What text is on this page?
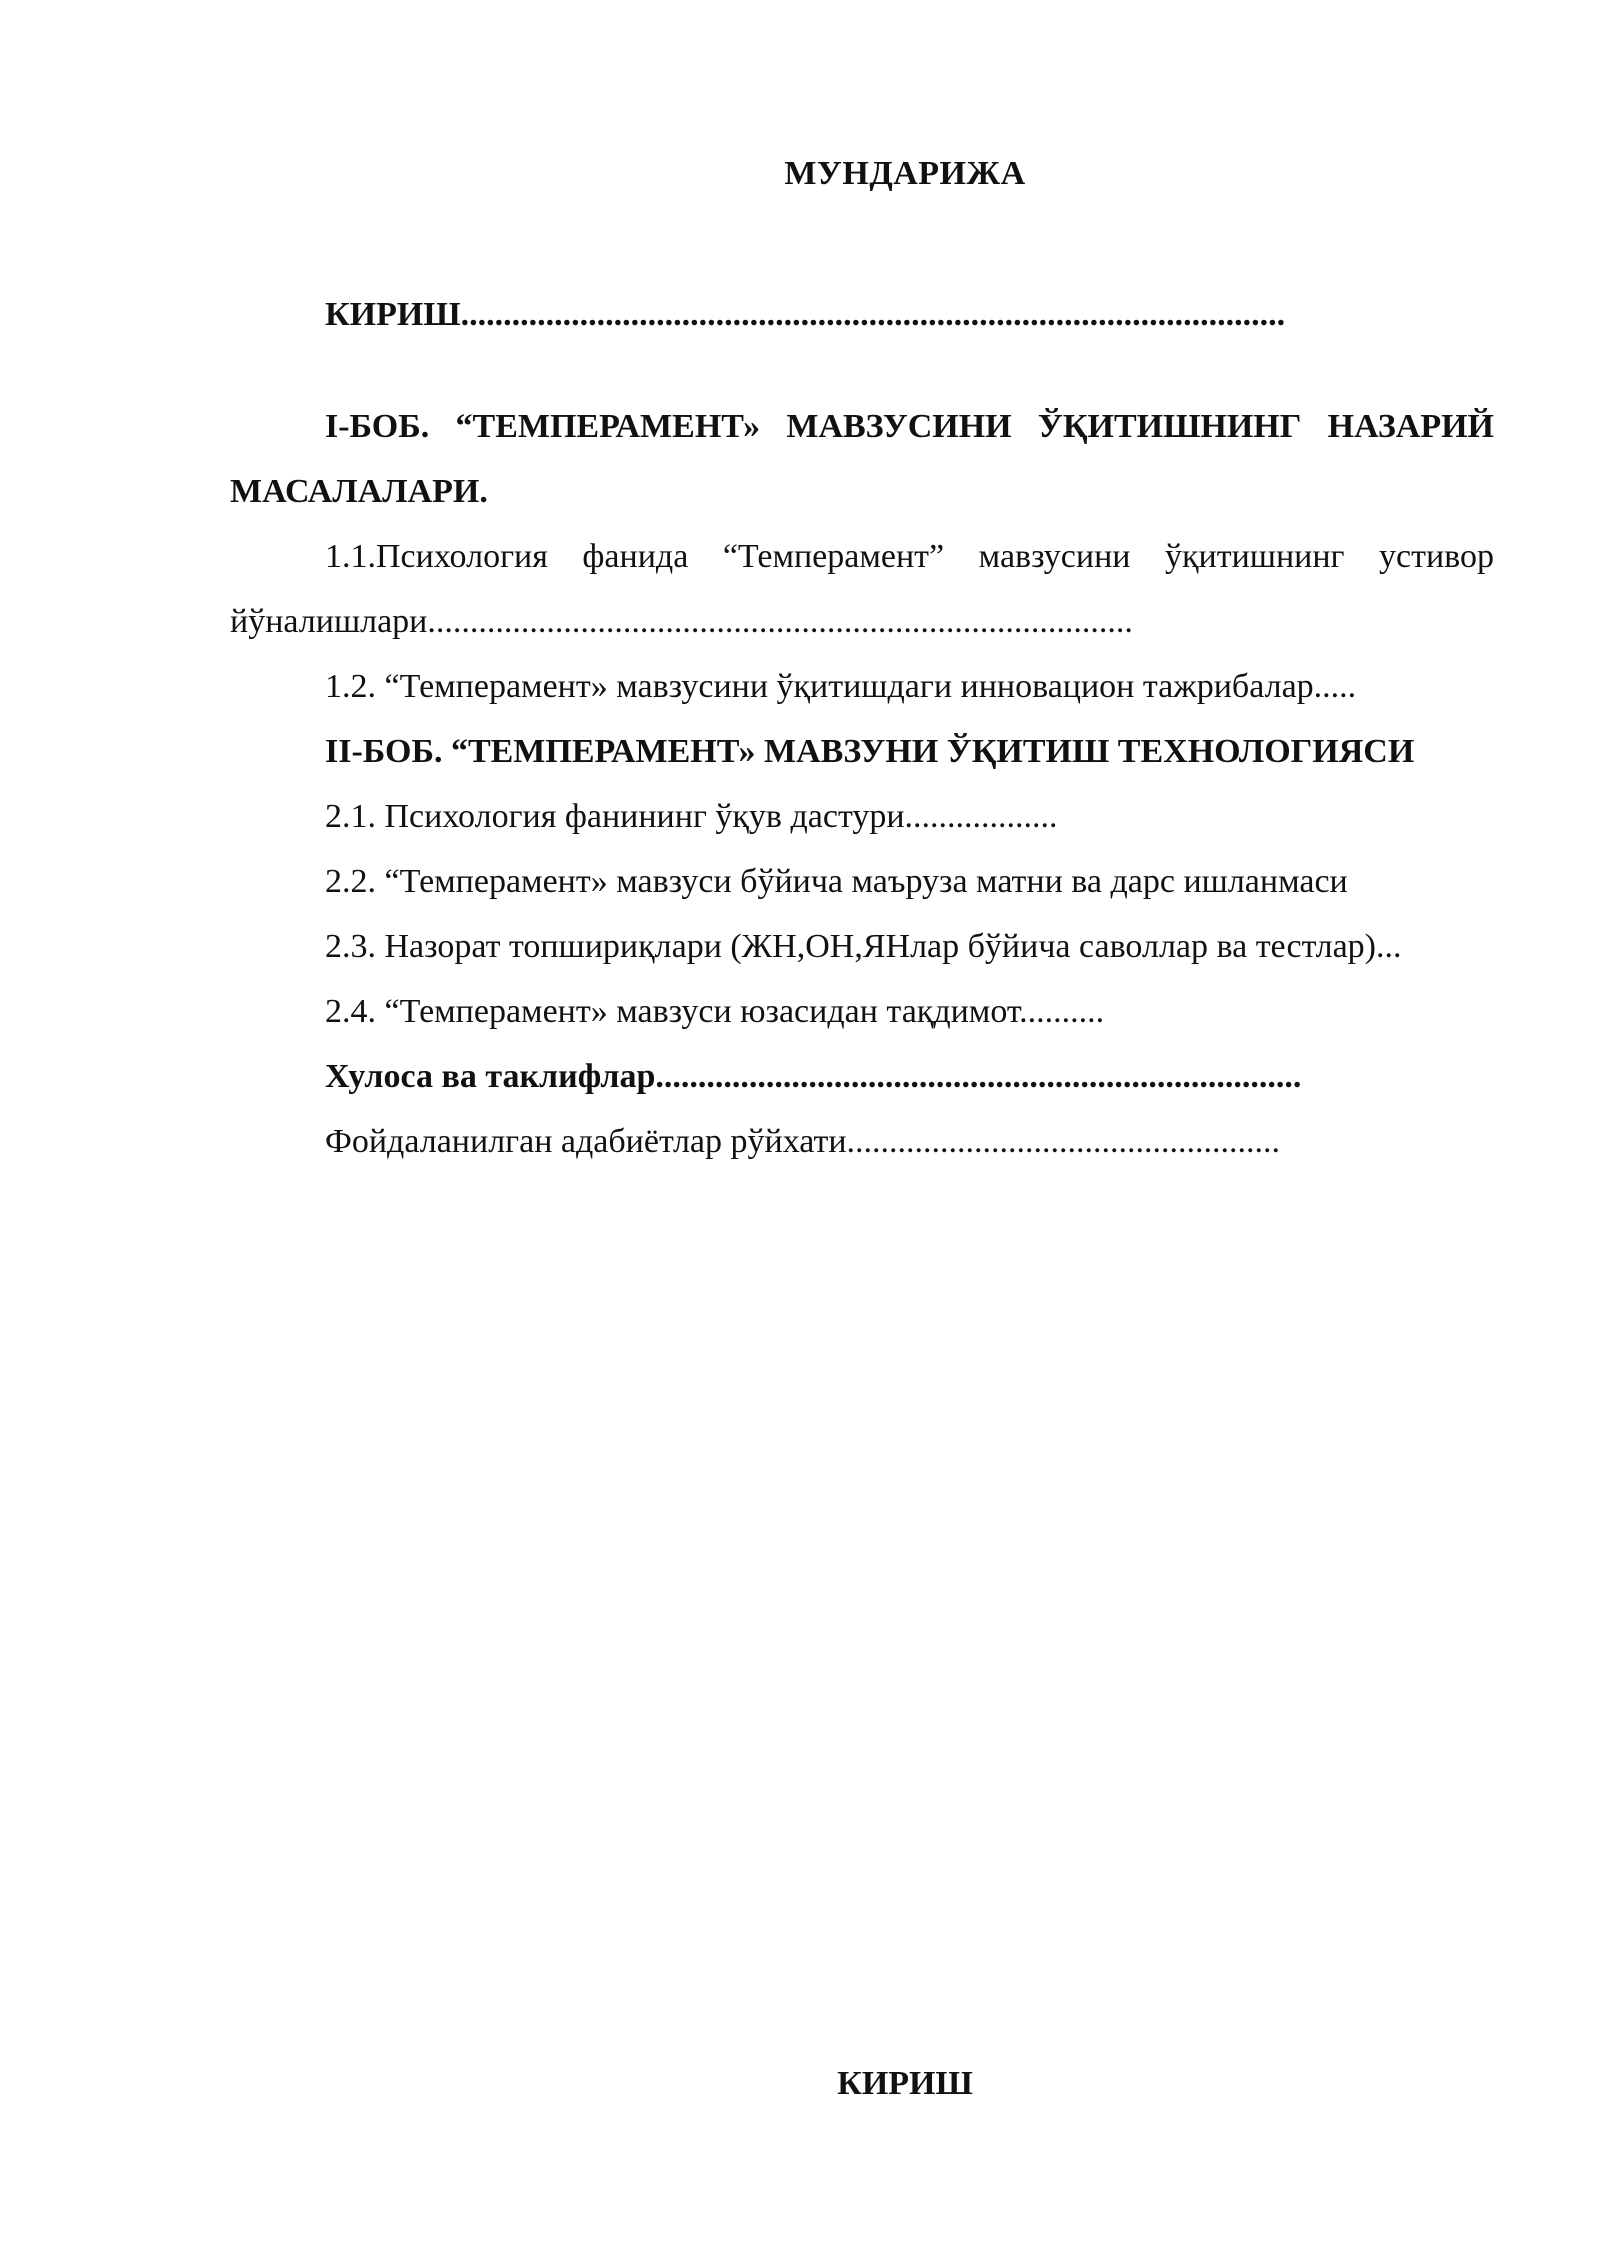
МУНДАРИЖА

КИРИШ.................................................................................................

I-БОБ. “ТЕМПЕРАМЕНТ» МАВЗУСИНИ ЎҚИТИШНИНГ НАЗАРИЙ МАСАЛАЛАРИ.

1.1.Психология фанида “Темперамент” мавзусини ўқитишнинг устивор йўналишлари...................................................................................

1.2. “Темперамент» мавзусини ўқитишдаги инновацион тажрибалар.....

II-БОБ. “ТЕМПЕРАМЕНТ» МАВЗУНИ ЎҚИТИШ ТЕХНОЛОГИЯСИ

2.1. Психология фанининг ўқув дастури..................

2.2. “Темперамент» мавзуси бўйича маъруза матни ва дарс ишланмаси

2.3. Назорат топшириқлари (ЖН,ОН,ЯНлар бўйича саволлар ва тестлар)...

2.4. “Темперамент» мавзуси юзасидан тақдимот..........

Хулоса ва таклифлар............................................................................

Фойдаланилган адабиётлар рўйхати...................................................

КИРИШ
